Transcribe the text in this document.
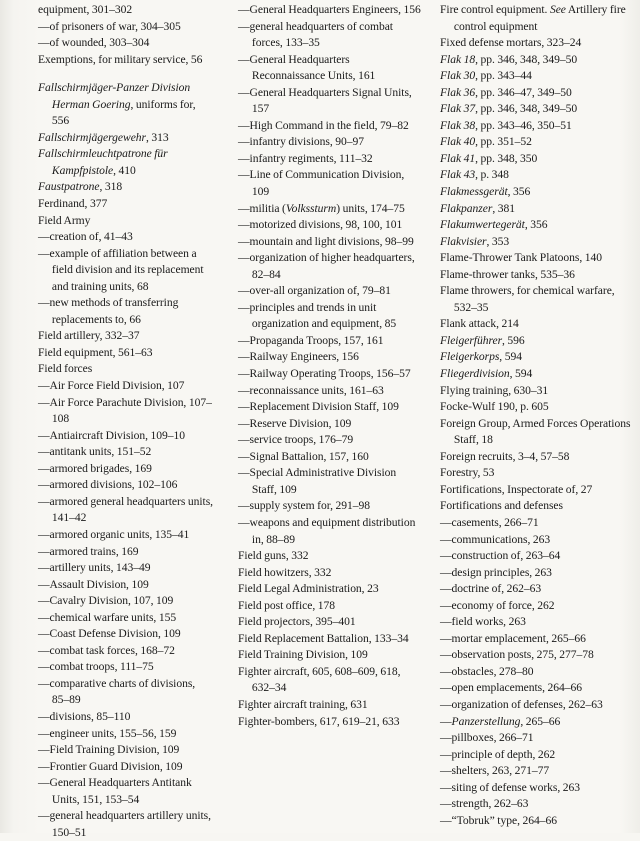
equipment, 301–302
—of prisoners of war, 304–305
—of wounded, 303–304
Exemptions, for military service, 56
Fallschirmjäger-Panzer Division Herman Goering, uniforms for, 556
Fallschirmjägergewehr, 313
Fallschirmleuchtpatrone für Kampfpistole, 410
Faustpatrone, 318
Ferdinand, 377
Field Army
—creation of, 41–43
—example of affiliation between a field division and its replacement and training units, 68
—new methods of transferring replacements to, 66
Field artillery, 332–37
Field equipment, 561–63
Field forces
—Air Force Field Division, 107
—Air Force Parachute Division, 107–108
—Antiaircraft Division, 109–10
—antitank units, 151–52
—armored brigades, 169
—armored divisions, 102–106
—armored general headquarters units, 141–42
—armored organic units, 135–41
—armored trains, 169
—artillery units, 143–49
—Assault Division, 109
—Cavalry Division, 107, 109
—chemical warfare units, 155
—Coast Defense Division, 109
—combat task forces, 168–72
—combat troops, 111–75
—comparative charts of divisions, 85–89
—divisions, 85–110
—engineer units, 155–56, 159
—Field Training Division, 109
—Frontier Guard Division, 109
—General Headquarters Antitank Units, 151, 153–54
—general headquarters artillery units, 150–51
—General Headquarters Engineers, 156
—general headquarters of combat forces, 133–35
—General Headquarters Reconnaissance Units, 161
—General Headquarters Signal Units, 157
—High Command in the field, 79–82
—infantry divisions, 90–97
—infantry regiments, 111–32
—Line of Communication Division, 109
—militia (Volkssturm) units, 174–75
—motorized divisions, 98, 100, 101
—mountain and light divisions, 98–99
—organization of higher headquarters, 82–84
—over-all organization of, 79–81
—principles and trends in unit organization and equipment, 85
—Propaganda Troops, 157, 161
—Railway Engineers, 156
—Railway Operating Troops, 156–57
—reconnaissance units, 161–63
—Replacement Division Staff, 109
—Reserve Division, 109
—service troops, 176–79
—Signal Battalion, 157, 160
—Special Administrative Division Staff, 109
—supply system for, 291–98
—weapons and equipment distribution in, 88–89
Field guns, 332
Field howitzers, 332
Field Legal Administration, 23
Field post office, 178
Field projectors, 395–401
Field Replacement Battalion, 133–34
Field Training Division, 109
Fighter aircraft, 605, 608–609, 618, 632–34
Fighter aircraft training, 631
Fighter-bombers, 617, 619–21, 633
Fire control equipment. See Artillery fire control equipment
Fixed defense mortars, 323–24
Flak 18, pp. 346, 348, 349–50
Flak 30, pp. 343–44
Flak 36, pp. 346–47, 349–50
Flak 37, pp. 346, 348, 349–50
Flak 38, pp. 343–46, 350–51
Flak 40, pp. 351–52
Flak 41, pp. 348, 350
Flak 43, p. 348
Flakmessgerät, 356
Flakpanzer, 381
Flakumwertegerät, 356
Flakvisier, 353
Flame-Thrower Tank Platoons, 140
Flame-thrower tanks, 535–36
Flame throwers, for chemical warfare, 532–35
Flank attack, 214
Fleigerführer, 596
Fleigerkorps, 594
Fliegerdivision, 594
Flying training, 630–31
Focke-Wulf 190, p. 605
Foreign Group, Armed Forces Operations Staff, 18
Foreign recruits, 3–4, 57–58
Forestry, 53
Fortifications, Inspectorate of, 27
Fortifications and defenses
—casements, 266–71
—communications, 263
—construction of, 263–64
—design principles, 263
—doctrine of, 262–63
—economy of force, 262
—field works, 263
—mortar emplacement, 265–66
—observation posts, 275, 277–78
—obstacles, 278–80
—open emplacements, 264–66
—organization of defenses, 262–63
—Panzerstellung, 265–66
—pillboxes, 266–71
—principle of depth, 262
—shelters, 263, 271–77
—siting of defense works, 263
—strength, 262–63
—“Tobruk” type, 264–66
